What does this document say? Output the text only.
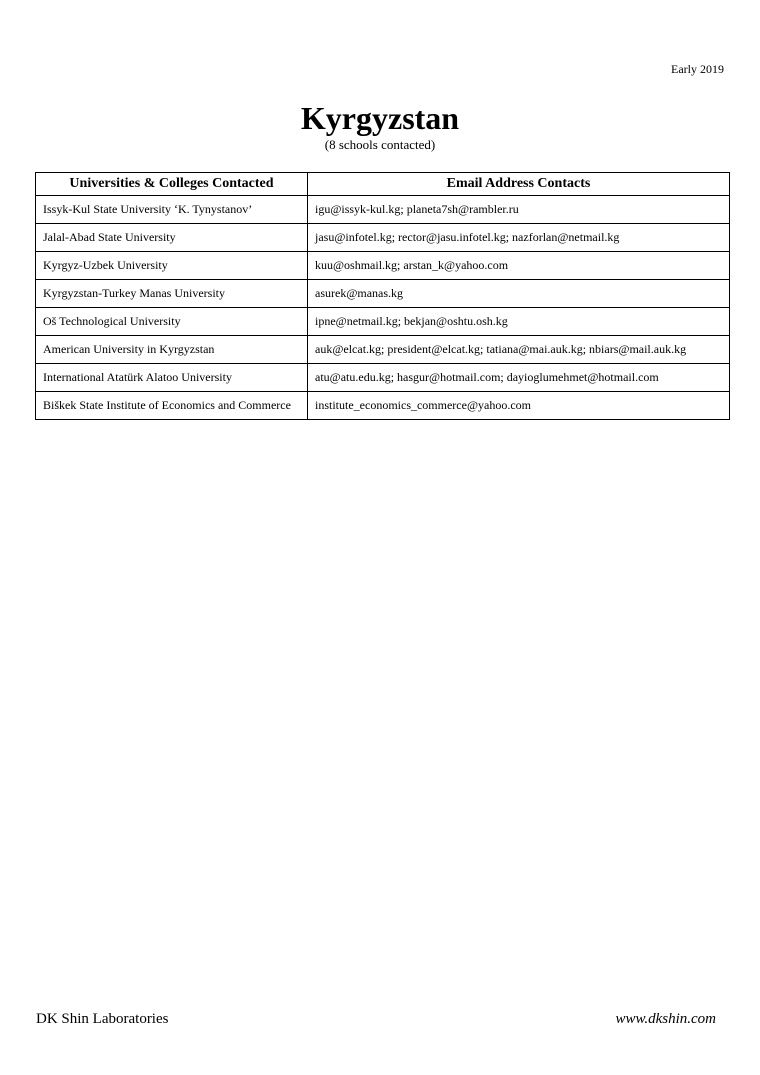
Early 2019
Kyrgyzstan
(8 schools contacted)
Universities & Colleges Contacted	Email Address Contacts
Issyk-Kul State University ‘K. Tynystanov’	igu@issyk-kul.kg; planeta7sh@rambler.ru
Jalal-Abad State University	jasu@infotel.kg; rector@jasu.infotel.kg; nazforlan@netmail.kg
Kyrgyz-Uzbek University	kuu@oshmail.kg; arstan_k@yahoo.com
Kyrgyzstan-Turkey Manas University	asurek@manas.kg
Oš Technological University	ipne@netmail.kg; bekjan@oshtu.osh.kg
American University in Kyrgyzstan	auk@elcat.kg; president@elcat.kg; tatiana@mai.auk.kg; nbiars@mail.auk.kg
International Atatürk Alatoo University	atu@atu.edu.kg; hasgur@hotmail.com; dayioglumehmet@hotmail.com
Biškek State Institute of Economics and Commerce	institute_economics_commerce@yahoo.com
DK Shin Laboratories	www.dkshin.com
